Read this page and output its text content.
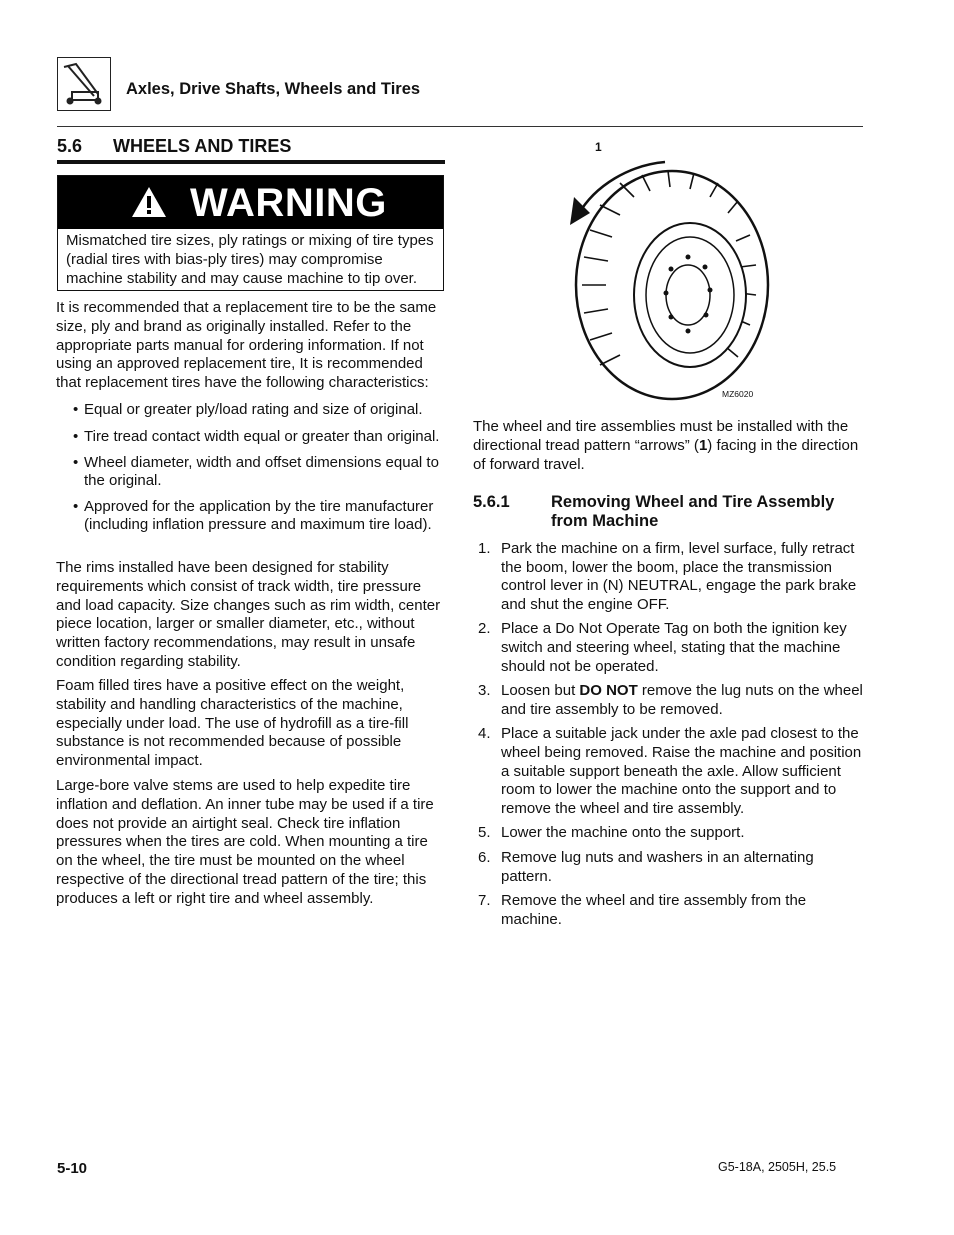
Axles, Drive Shafts, Wheels and Tires
5.6 WHEELS AND TIRES
WARNING
Mismatched tire sizes, ply ratings or mixing of tire types (radial tires with bias-ply tires) may compromise machine stability and may cause machine to tip over.

It is recommended that a replacement tire to be the same size, ply and brand as originally installed. Refer to the appropriate parts manual for ordering information. If not using an approved replacement tire, It is recommended that replacement tires have the following characteristics:

• Equal or greater ply/load rating and size of original.
• Tire tread contact width equal or greater than original.
• Wheel diameter, width and offset dimensions equal to the original.
• Approved for the application by the tire manufacturer (including inflation pressure and maximum tire load).

The rims installed have been designed for stability requirements which consist of track width, tire pressure and load capacity. Size changes such as rim width, center piece location, larger or smaller diameter, etc., without written factory recommendations, may result in unsafe condition regarding stability.

Foam filled tires have a positive effect on the weight, stability and handling characteristics of the machine, especially under load. The use of hydrofill as a tire-fill substance is not recommended because of possible environmental impact.

Large-bore valve stems are used to help expedite tire inflation and deflation. An inner tube may be used if a tire does not provide an airtight seal. Check tire inflation pressures when the tires are cold. When mounting a tire on the wheel, the tire must be mounted on the wheel respective of the directional tread pattern of the tire; this produces a left or right tire and wheel assembly.

1
MZ6020

The wheel and tire assemblies must be installed with the directional tread pattern “arrows” (1) facing in the direction of forward travel.

5.6.1	Removing Wheel and Tire Assembly from Machine
1. Park the machine on a firm, level surface, fully retract the boom, lower the boom, place the transmission control lever in (N) NEUTRAL, engage the park brake and shut the engine OFF.
2. Place a Do Not Operate Tag on both the ignition key switch and steering wheel, stating that the machine should not be operated.
3. Loosen but DO NOT remove the lug nuts on the wheel and tire assembly to be removed.
4. Place a suitable jack under the axle pad closest to the wheel being removed. Raise the machine and position a suitable support beneath the axle. Allow sufficient room to lower the machine onto the support and to remove the wheel and tire assembly.
5. Lower the machine onto the support.
6. Remove lug nuts and washers in an alternating pattern.
7. Remove the wheel and tire assembly from the machine.
5-10	G5-18A, 2505H, 25.5
